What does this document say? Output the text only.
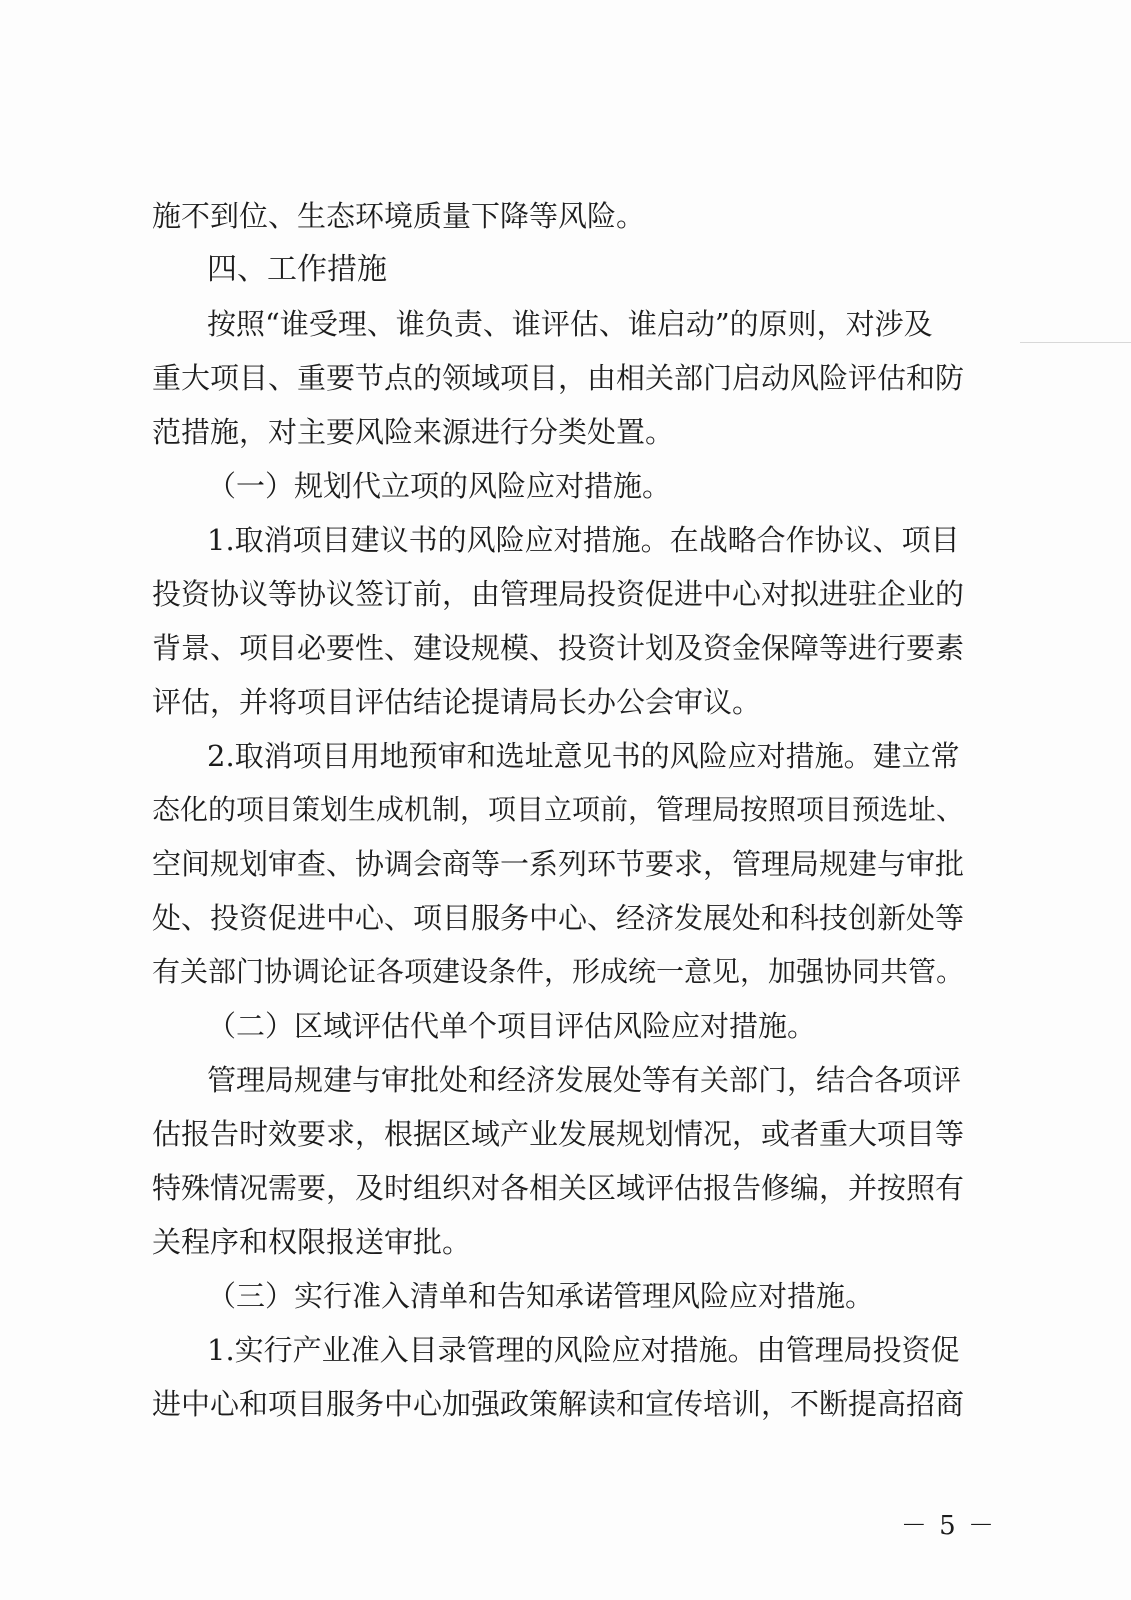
施不到位、生态环境质量下降等风险。
四、工作措施
按照“谁受理、谁负责、谁评估、谁启动”的原则，对涉及
重大项目、重要节点的领域项目，由相关部门启动风险评估和防
范措施，对主要风险来源进行分类处置。
（一）规划代立项的风险应对措施。
1.取消项目建议书的风险应对措施。在战略合作协议、项目
投资协议等协议签订前，由管理局投资促进中心对拟进驻企业的
背景、项目必要性、建设规模、投资计划及资金保障等进行要素
评估，并将项目评估结论提请局长办公会审议。
2.取消项目用地预审和选址意见书的风险应对措施。建立常
态化的项目策划生成机制，项目立项前，管理局按照项目预选址、
空间规划审查、协调会商等一系列环节要求，管理局规建与审批
处、投资促进中心、项目服务中心、经济发展处和科技创新处等
有关部门协调论证各项建设条件，形成统一意见，加强协同共管。
（二）区域评估代单个项目评估风险应对措施。
管理局规建与审批处和经济发展处等有关部门，结合各项评
估报告时效要求，根据区域产业发展规划情况，或者重大项目等
特殊情况需要，及时组织对各相关区域评估报告修编，并按照有
关程序和权限报送审批。
（三）实行准入清单和告知承诺管理风险应对措施。
1.实行产业准入目录管理的风险应对措施。由管理局投资促
进中心和项目服务中心加强政策解读和宣传培训，不断提高招商
－ 5 －
